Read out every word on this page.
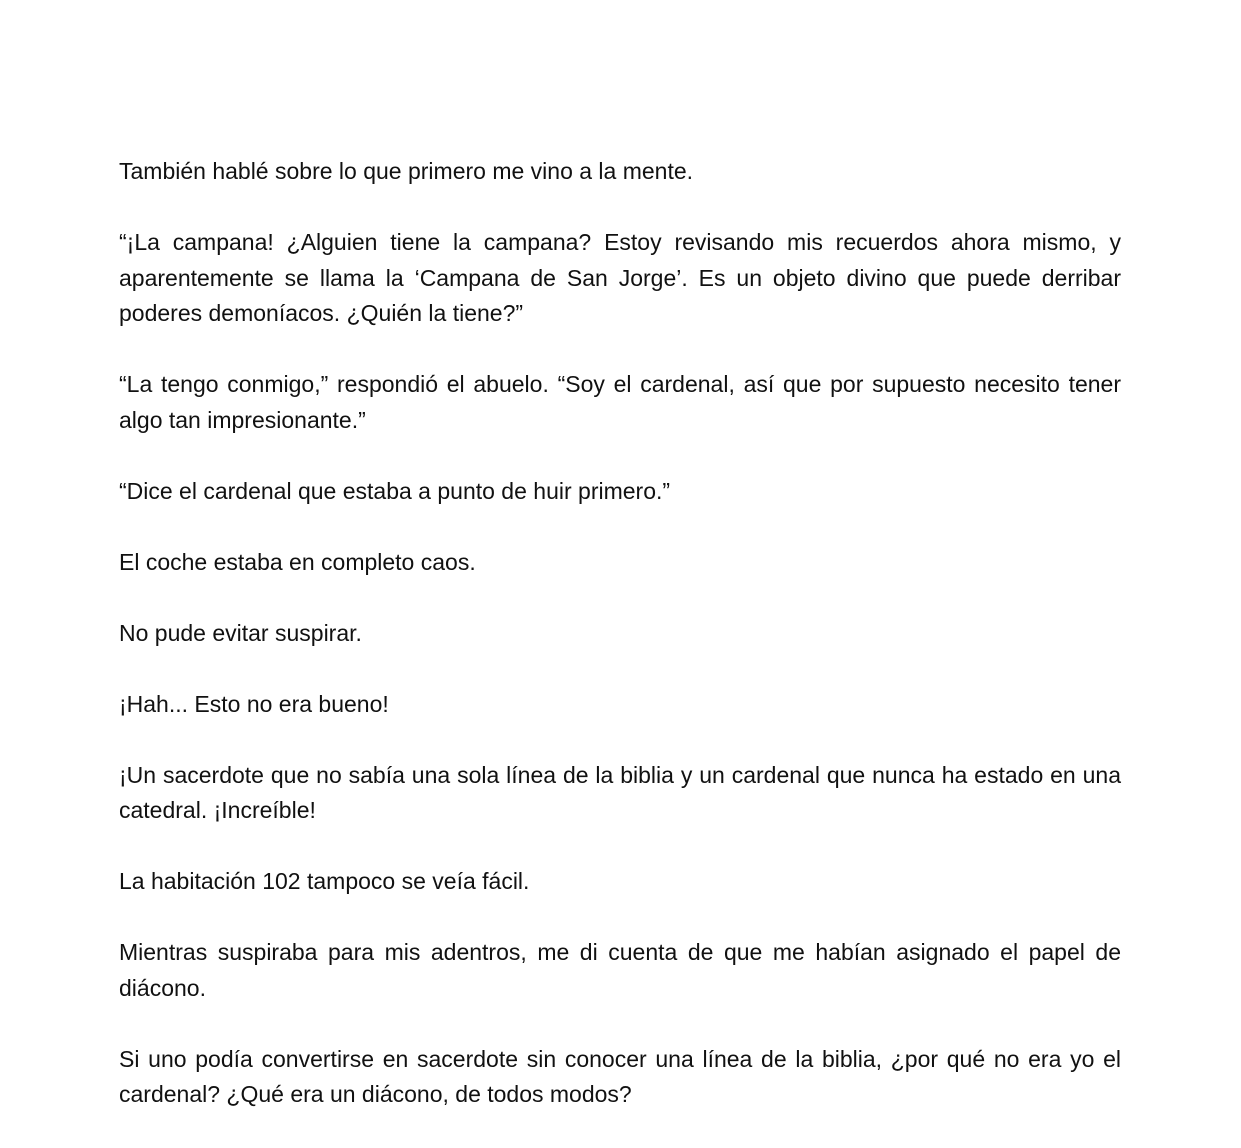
También hablé sobre lo que primero me vino a la mente.

“¡La campana! ¿Alguien tiene la campana? Estoy revisando mis recuerdos ahora mismo, y aparentemente se llama la ‘Campana de San Jorge’. Es un objeto divino que puede derribar poderes demoníacos. ¿Quién la tiene?”

“La tengo conmigo,” respondió el abuelo. “Soy el cardenal, así que por supuesto necesito tener algo tan impresionante.”

“Dice el cardenal que estaba a punto de huir primero.”

El coche estaba en completo caos.

No pude evitar suspirar.

¡Hah... Esto no era bueno!

¡Un sacerdote que no sabía una sola línea de la biblia y un cardenal que nunca ha estado en una catedral. ¡Increíble!

La habitación 102 tampoco se veía fácil.

Mientras suspiraba para mis adentros, me di cuenta de que me habían asignado el papel de diácono.

Si uno podía convertirse en sacerdote sin conocer una línea de la biblia, ¿por qué no era yo el cardenal? ¿Qué era un diácono, de todos modos?
